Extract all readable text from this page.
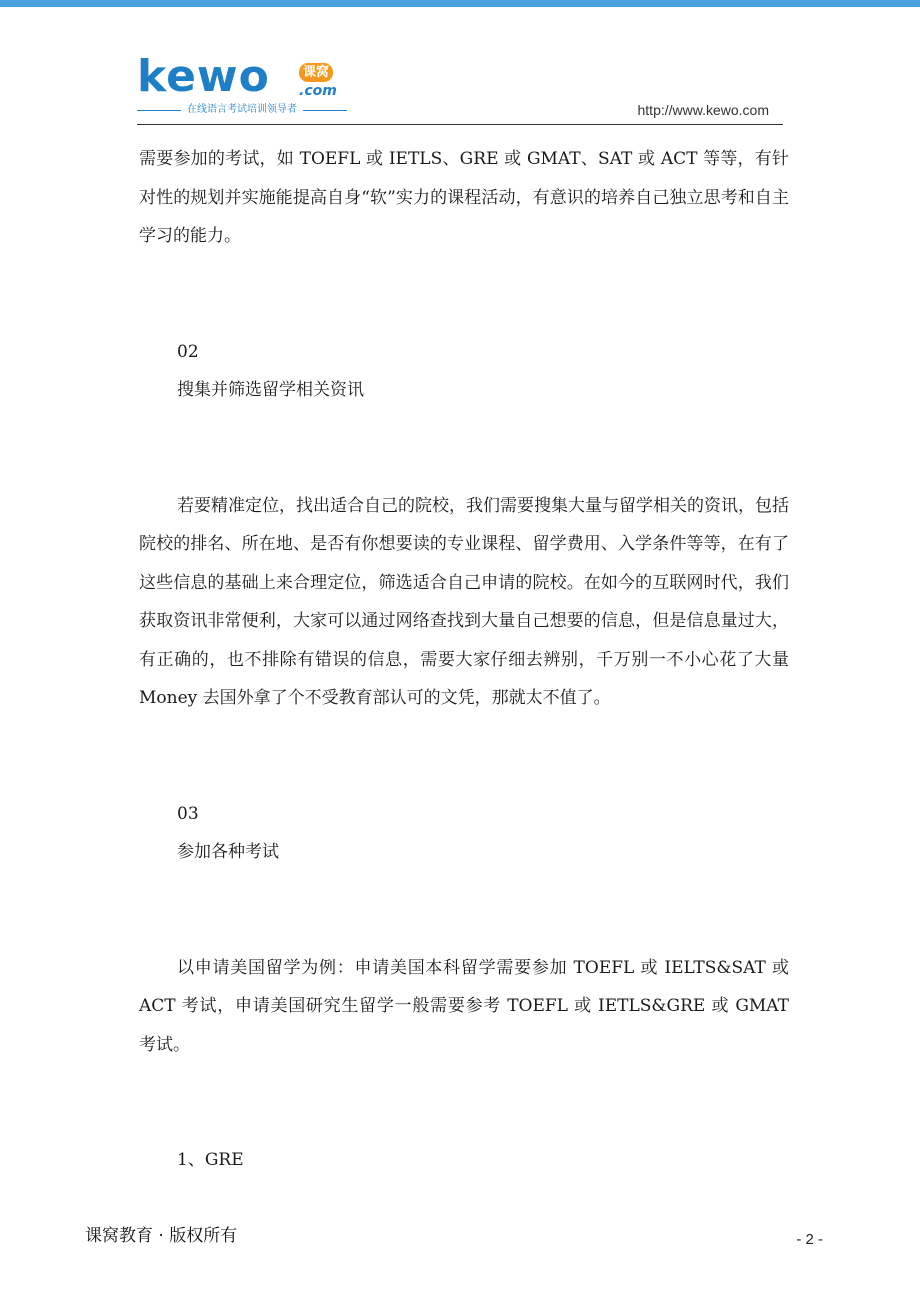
kewo	课窝
.com
在线语言考试培训领导者	http://www.kewo.com

需要参加的考试，如 TOEFL 或 IETLS、GRE 或 GMAT、SAT 或 ACT 等等，有针对性的规划并实施能提高自身“软”实力的课程活动，有意识的培养自己独立思考和自主学习的能力。

02

搜集并筛选留学相关资讯

若要精准定位，找出适合自己的院校，我们需要搜集大量与留学相关的资讯，包括院校的排名、所在地、是否有你想要读的专业课程、留学费用、入学条件等等，在有了这些信息的基础上来合理定位，筛选适合自己申请的院校。在如今的互联网时代，我们获取资讯非常便利，大家可以通过网络查找到大量自己想要的信息，但是信息量过大，有正确的，也不排除有错误的信息，需要大家仔细去辨别，千万别一不小心花了大量 Money 去国外拿了个不受教育部认可的文凭，那就太不值了。

03

参加各种考试

以申请美国留学为例：申请美国本科留学需要参加 TOEFL 或 IELTS&SAT 或 ACT 考试，申请美国研究生留学一般需要参考 TOEFL 或 IETLS&GRE 或 GMAT 考试。

1、GRE

课窝教育 · 版权所有	- 2 -
